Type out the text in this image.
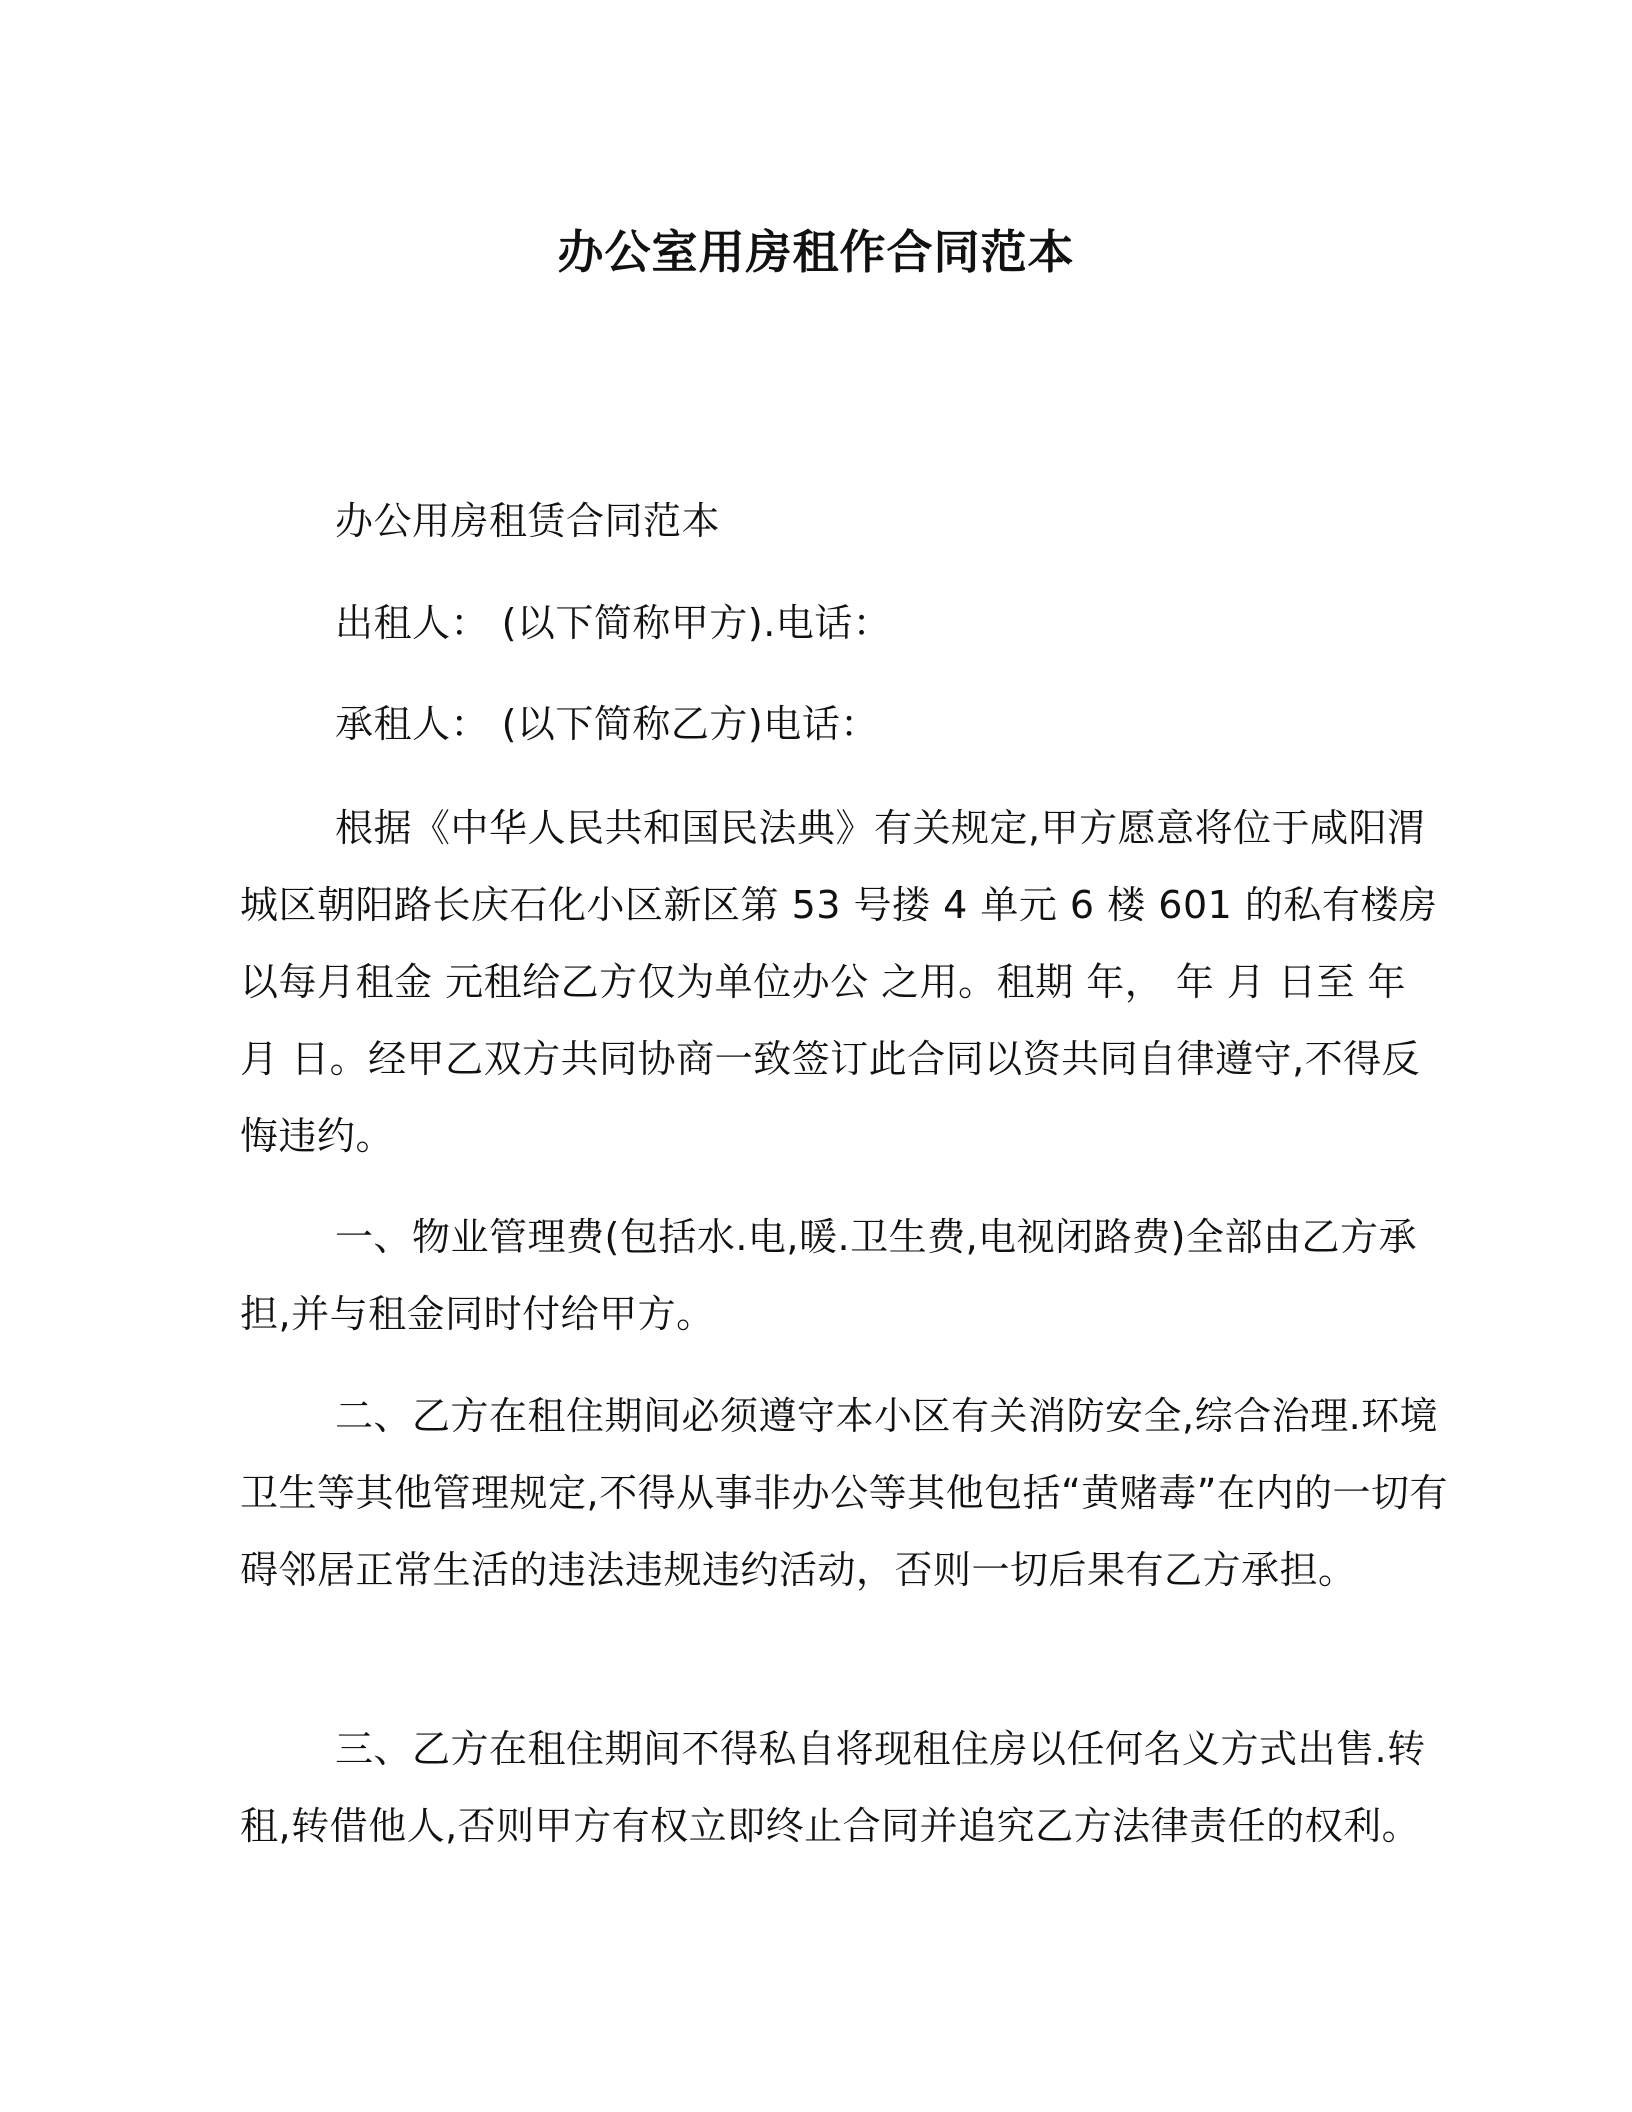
办公室用房租作合同范本

办公用房租赁合同范本

出租人： (以下简称甲方).电话：

承租人： (以下简称乙方)电话：

根据《中华人民共和国民法典》有关规定,甲方愿意将位于咸阳渭城区朝阳路长庆石化小区新区第 53 号搂 4 单元 6 楼 601 的私有楼房以每月租金 元租给乙方仅为单位办公 之用。租期 年， 年 月 日至 年 月 日。经甲乙双方共同协商一致签订此合同以资共同自律遵守,不得反悔违约。

一、物业管理费(包括水.电,暖.卫生费,电视闭路费)全部由乙方承担,并与租金同时付给甲方。

二、乙方在租住期间必须遵守本小区有关消防安全,综合治理.环境卫生等其他管理规定,不得从事非办公等其他包括“黄赌毒”在内的一切有碍邻居正常生活的违法违规违约活动，否则一切后果有乙方承担。

三、乙方在租住期间不得私自将现租住房以任何名义方式出售.转租,转借他人,否则甲方有权立即终止合同并追究乙方法律责任的权利。
